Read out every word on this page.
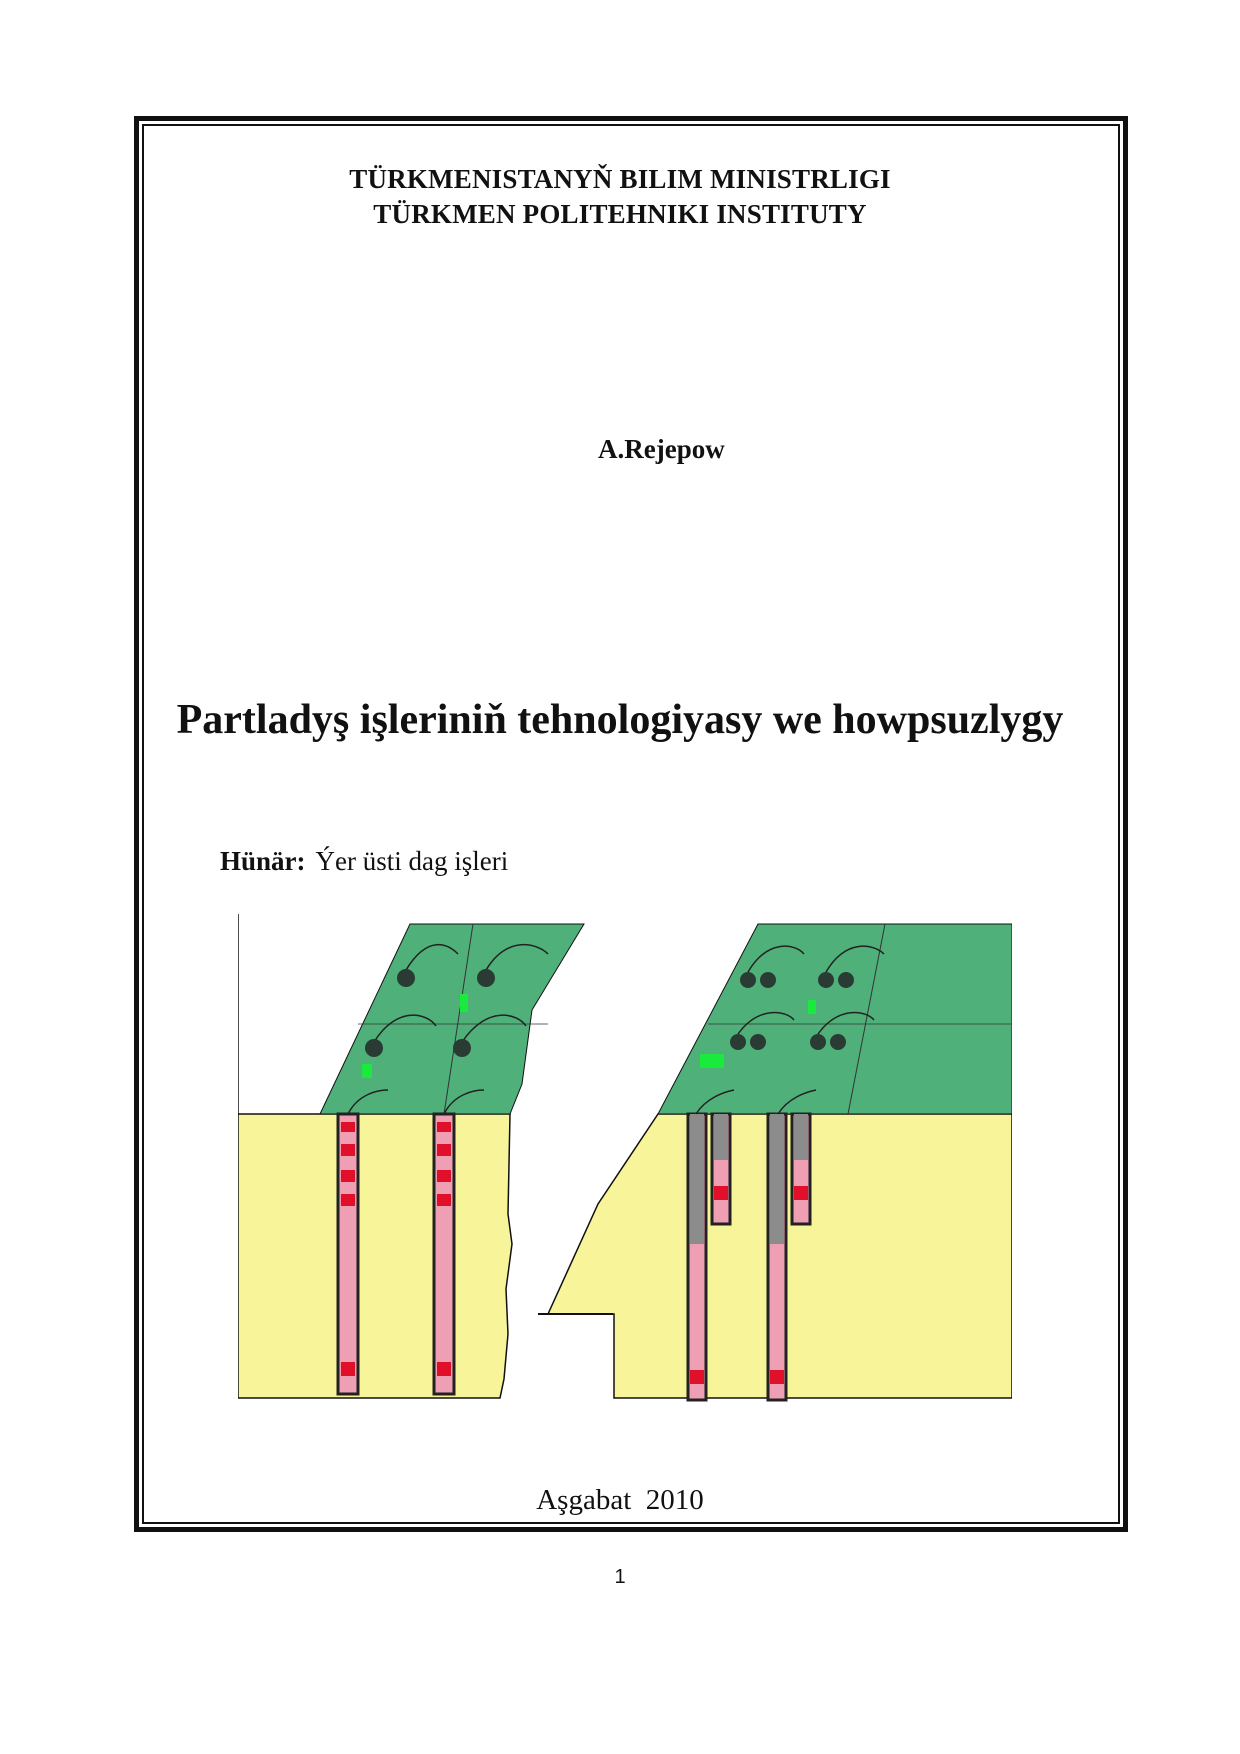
TÜRKMENISTANYŇ BILIM MINISTRLIGI
TÜRKMEN POLITEHNIKI INSTITUTY
A.Rejepow
Partladyş işleriniň tehnologiyasy we howpsuzlygy
Hünär: Ýer üsti dag işleri
Aşgabat  2010
1
